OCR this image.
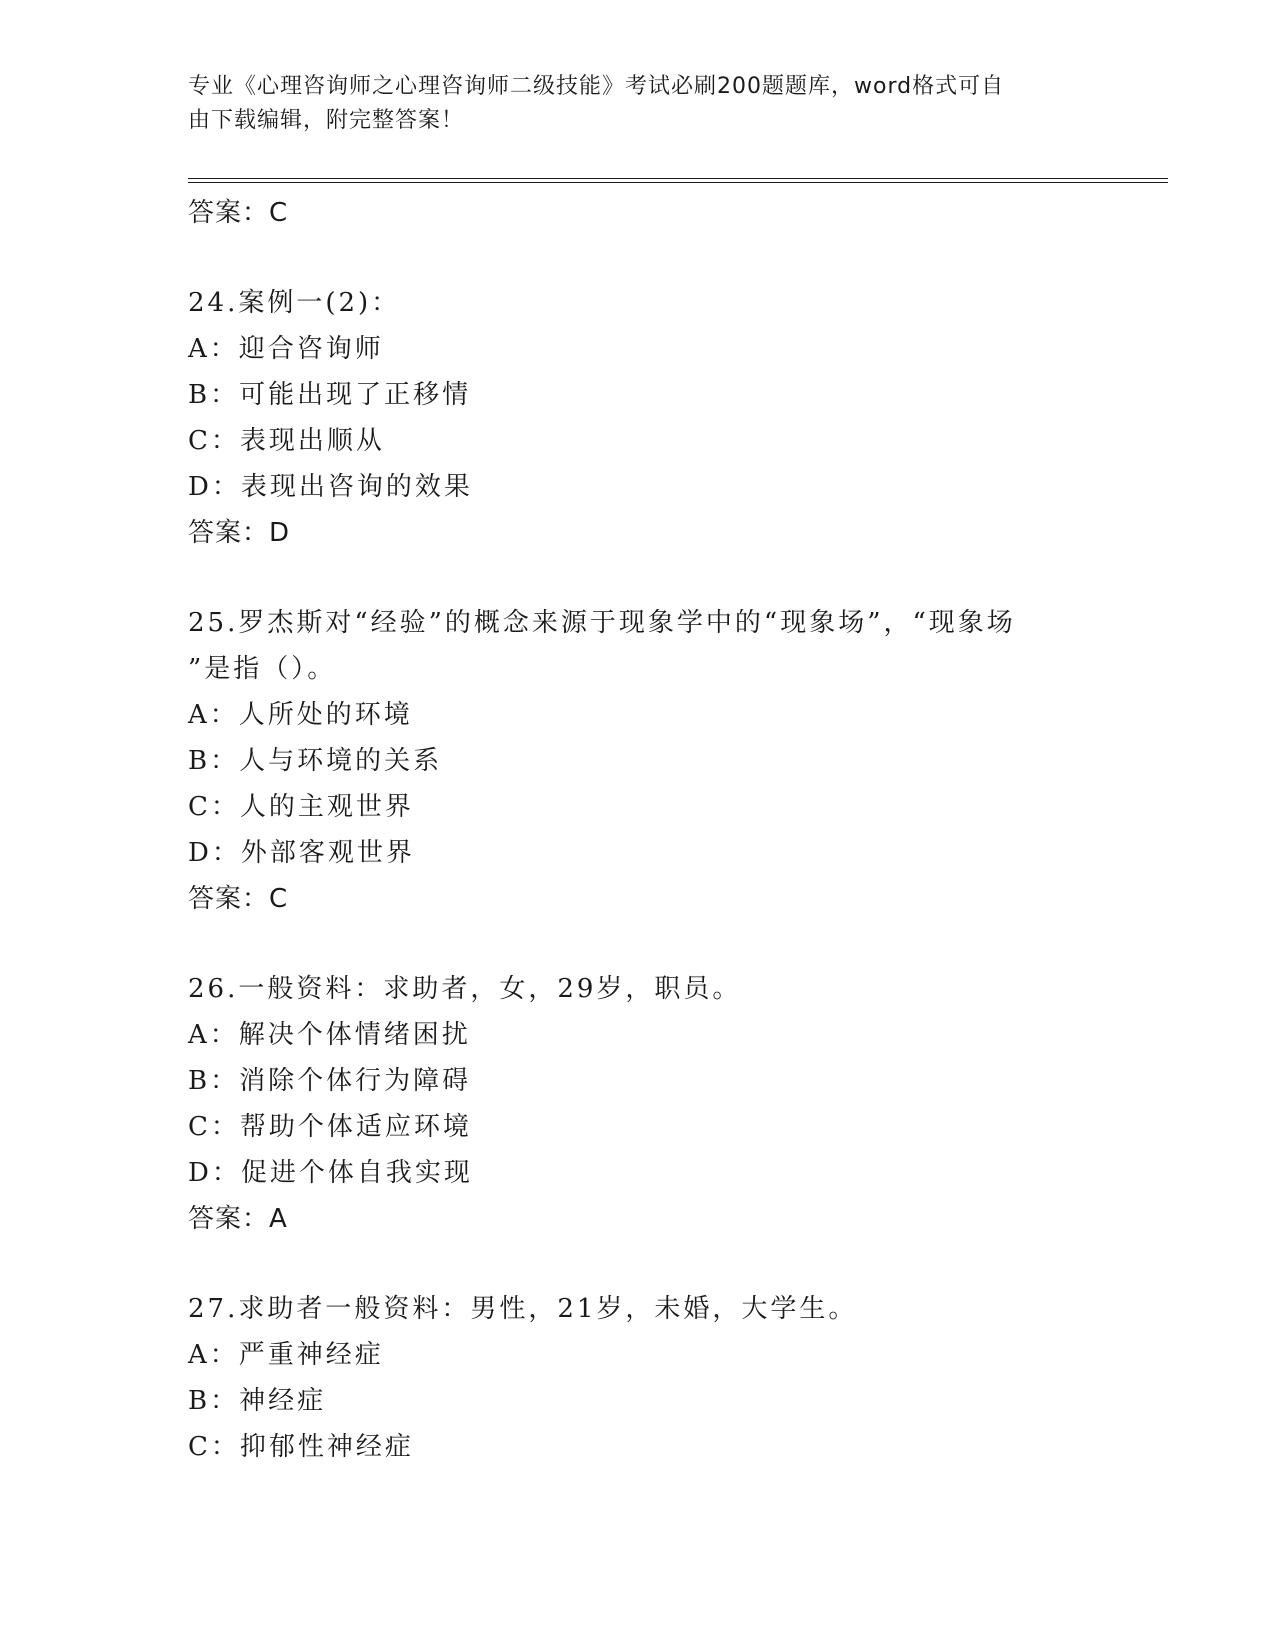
专业《心理咨询师之心理咨询师二级技能》考试必刷200题题库，word格式可自
由下载编辑，附完整答案！
答案：C
24.案例一(2)：
A：迎合咨询师
B：可能出现了正移情
C：表现出顺从
D：表现出咨询的效果
答案：D
25.罗杰斯对“经验”的概念来源于现象学中的“现象场”，“现象场
”是指（）。
A：人所处的环境
B：人与环境的关系
C：人的主观世界
D：外部客观世界
答案：C
26.一般资料：求助者，女，29岁，职员。
A：解决个体情绪困扰
B：消除个体行为障碍
C：帮助个体适应环境
D：促进个体自我实现
答案：A
27.求助者一般资料：男性，21岁，未婚，大学生。
A：严重神经症
B：神经症
C：抑郁性神经症
